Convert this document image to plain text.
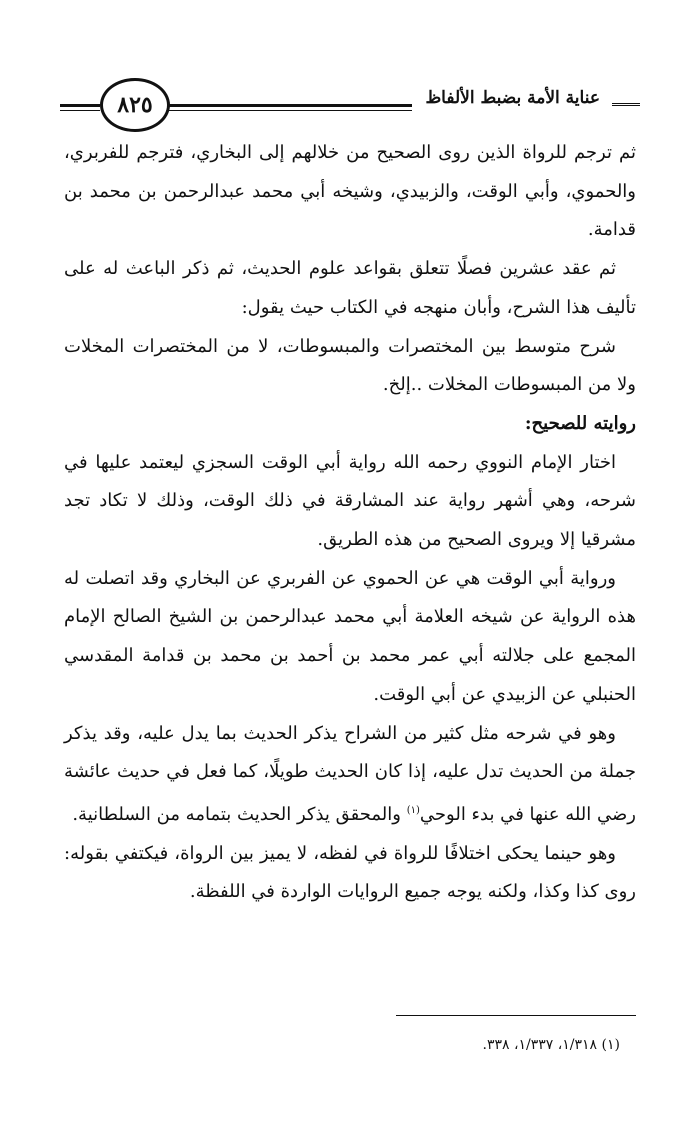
عناية الأمة بضبط الألفاظ
٨٢٥

ثم ترجم للرواة الذين روى الصحيح من خلالهم إلى البخاري، فترجم للفربري، والحموي، وأبي الوقت، والزبيدي، وشيخه أبي محمد عبدالرحمن بن محمد بن قدامة.

ثم عقد عشرين فصلًا تتعلق بقواعد علوم الحديث، ثم ذكر الباعث له على تأليف هذا الشرح، وأبان منهجه في الكتاب حيث يقول:

شرح متوسط بين المختصرات والمبسوطات، لا من المختصرات المخلات ولا من المبسوطات المخلات ..إلخ.

روايته للصحيح:

اختار الإمام النووي رحمه الله رواية أبي الوقت السجزي ليعتمد عليها في شرحه، وهي أشهر رواية عند المشارقة في ذلك الوقت، وذلك لا تكاد تجد مشرقيا إلا ويروى الصحيح من هذه الطريق.

ورواية أبي الوقت هي عن الحموي عن الفربري عن البخاري وقد اتصلت له هذه الرواية عن شيخه العلامة أبي محمد عبدالرحمن بن الشيخ الصالح الإمام المجمع على جلالته أبي عمر محمد بن أحمد بن محمد بن قدامة المقدسي الحنبلي عن الزبيدي عن أبي الوقت.

وهو في شرحه مثل كثير من الشراح يذكر الحديث بما يدل عليه، وقد يذكر جملة من الحديث تدل عليه، إذا كان الحديث طويلًا، كما فعل في حديث عائشة رضي الله عنها في بدء الوحي$^{(١)}$ والمحقق يذكر الحديث بتمامه من السلطانية.

وهو حينما يحكى اختلافًا للرواة في لفظه، لا يميز بين الرواة، فيكتفي بقوله: روى كذا وكذا، ولكنه يوجه جميع الروايات الواردة في اللفظة.

(١) ١/٣١٨، ١/٣٣٧، ٣٣٨.
